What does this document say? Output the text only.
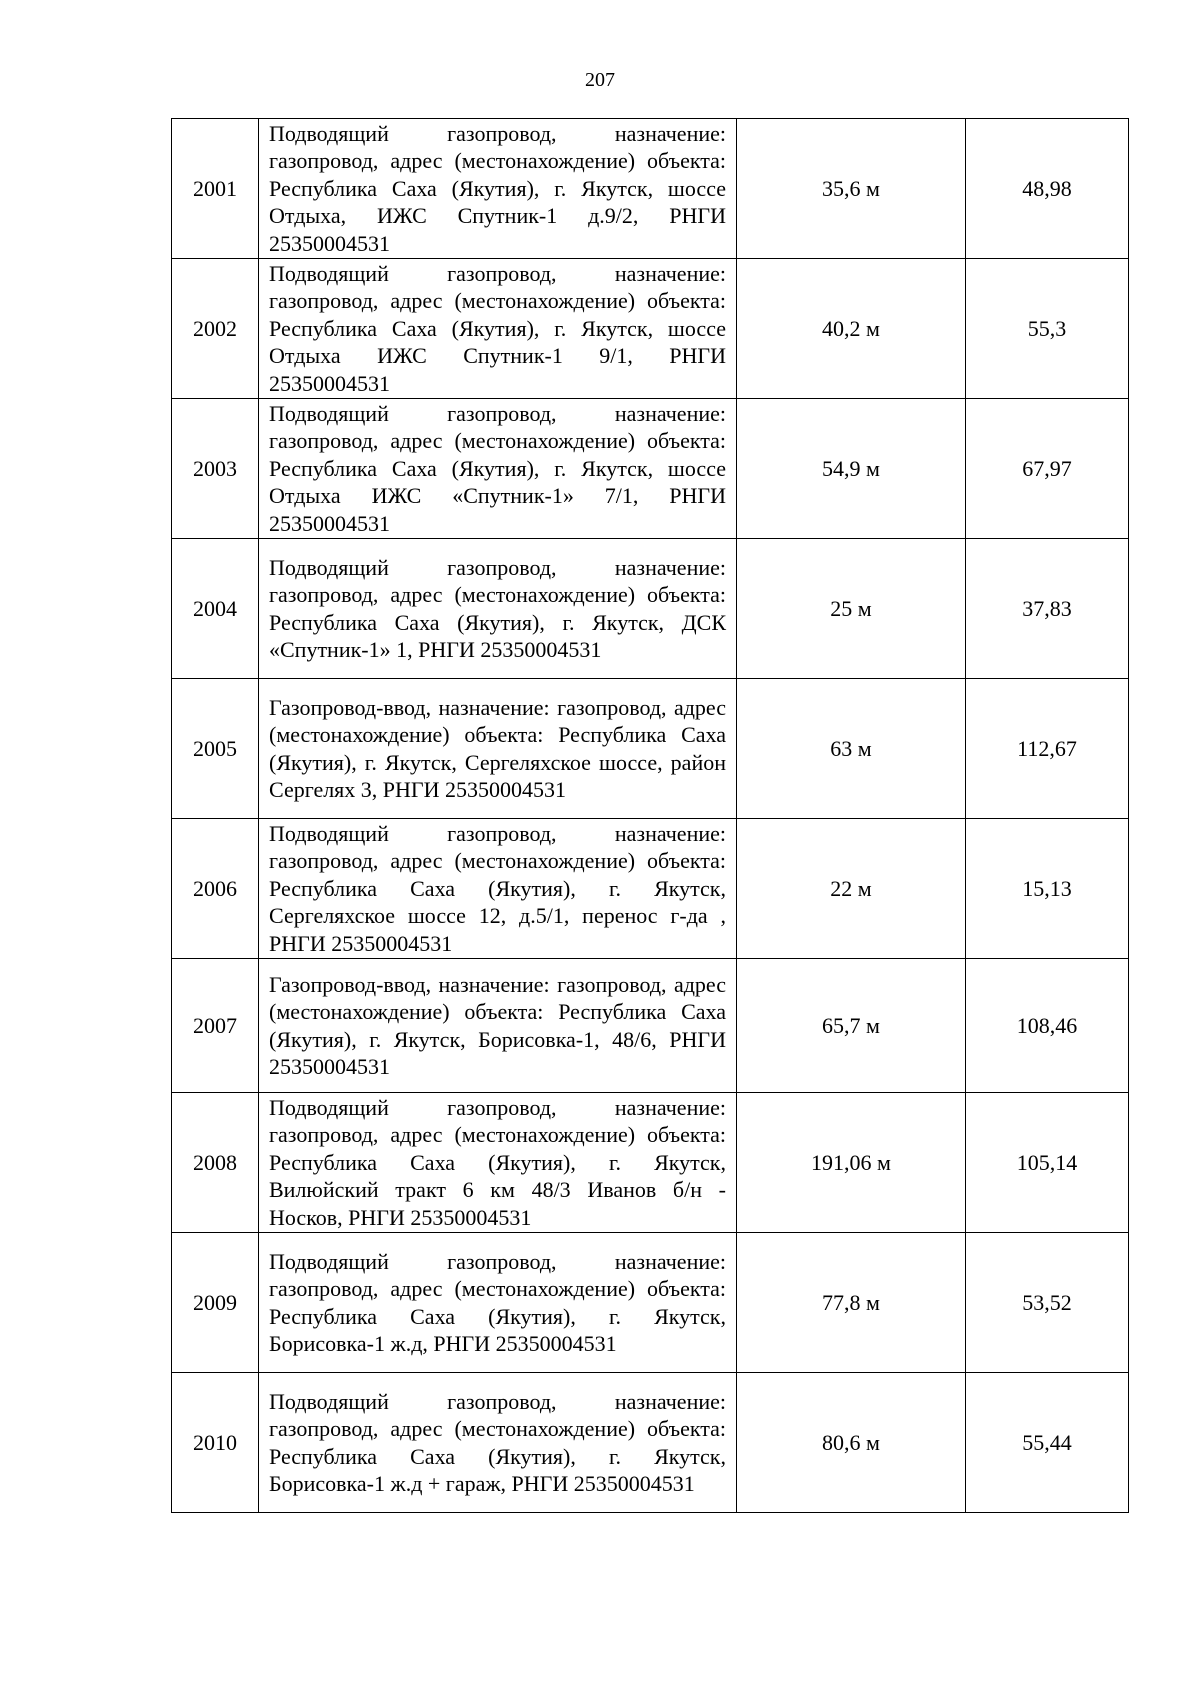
207
2001	Подводящий газопровод, назначение: газопровод, адрес (местонахождение) объекта: Республика Саха (Якутия), г. Якутск, шоссе Отдыха, ИЖС Спутник-1 д.9/2, РНГИ 25350004531	35,6 м	48,98
2002	Подводящий газопровод, назначение: газопровод, адрес (местонахождение) объекта: Республика Саха (Якутия), г. Якутск, шоссе Отдыха ИЖС Спутник-1 9/1, РНГИ 25350004531	40,2 м	55,3
2003	Подводящий газопровод, назначение: газопровод, адрес (местонахождение) объекта: Республика Саха (Якутия), г. Якутск, шоссе Отдыха ИЖС «Спутник-1» 7/1, РНГИ 25350004531	54,9 м	67,97
2004	Подводящий газопровод, назначение: газопровод, адрес (местонахождение) объекта: Республика Саха (Якутия), г. Якутск, ДСК «Спутник-1» 1, РНГИ 25350004531	25 м	37,83
2005	Газопровод-ввод, назначение: газопровод, адрес (местонахождение) объекта: Республика Саха (Якутия), г. Якутск, Сергеляхское шоссе, район Сергелях 3, РНГИ 25350004531	63 м	112,67
2006	Подводящий газопровод, назначение: газопровод, адрес (местонахождение) объекта: Республика Саха (Якутия), г. Якутск, Сергеляхское шоссе 12, д.5/1, перенос г-да , РНГИ 25350004531	22 м	15,13
2007	Газопровод-ввод, назначение: газопровод, адрес (местонахождение) объекта: Республика Саха (Якутия), г. Якутск, Борисовка-1, 48/6, РНГИ 25350004531	65,7 м	108,46
2008	Подводящий газопровод, назначение: газопровод, адрес (местонахождение) объекта: Республика Саха (Якутия), г. Якутск, Вилюйский тракт 6 км 48/3 Иванов б/н - Носков, РНГИ 25350004531	191,06 м	105,14
2009	Подводящий газопровод, назначение: газопровод, адрес (местонахождение) объекта: Республика Саха (Якутия), г. Якутск, Борисовка-1 ж.д, РНГИ 25350004531	77,8 м	53,52
2010	Подводящий газопровод, назначение: газопровод, адрес (местонахождение) объекта: Республика Саха (Якутия), г. Якутск, Борисовка-1 ж.д + гараж, РНГИ 25350004531	80,6 м	55,44
